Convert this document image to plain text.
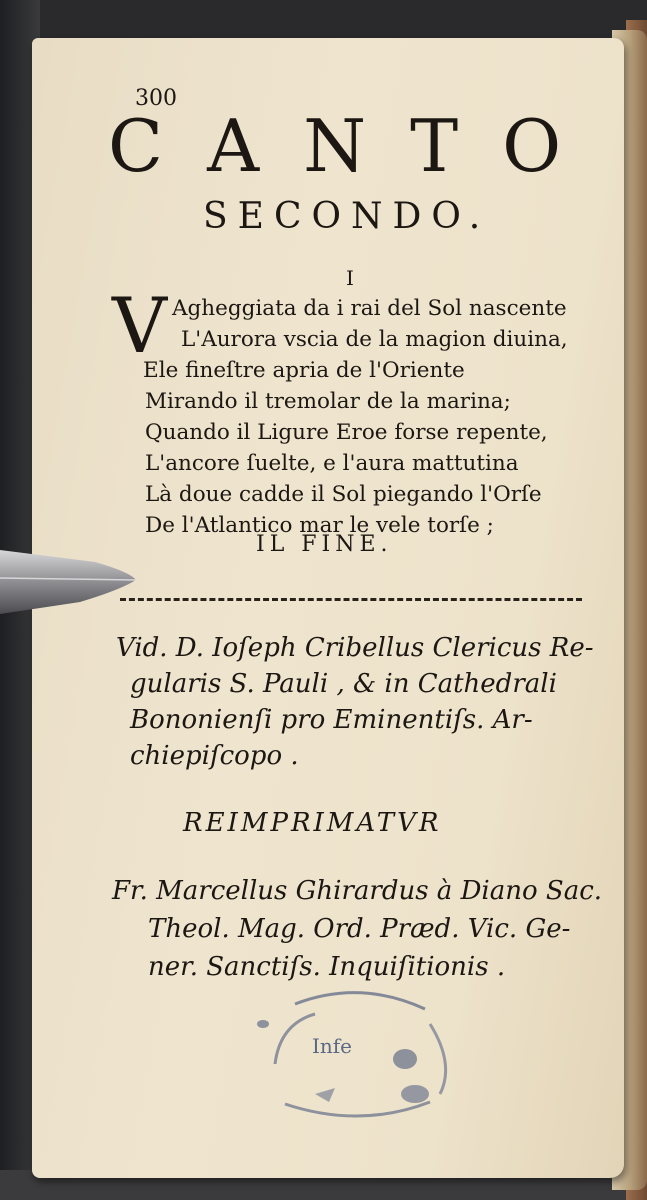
300
CANTO
SECONDO.
I
V Agheggiata da i rai del Sol nascente
L'Aurora vscia de la magion diuina,
Ele fineſtre apria de l'Oriente
Mirando il tremolar de la marina;
Quando il Ligure Eroe forse repente,
L'ancore ſuelte, e l'aura mattutina
Là doue cadde il Sol piegando l'Orſe
De l'Atlantico mar le vele torſe ;
IL FINE.
Vid. D. Ioſeph Cribellus Clericus Re-
gularis S. Pauli , & in Cathedrali
Bononienſi pro Eminentiſs. Ar-
chiepiſcopo .
REIMPRIMATVR
Fr. Marcellus Ghirardus à Diano Sac.
Theol. Mag. Ord. Præd. Vic. Ge-
ner. Sanctiſs. Inquiſitionis .
Infe
